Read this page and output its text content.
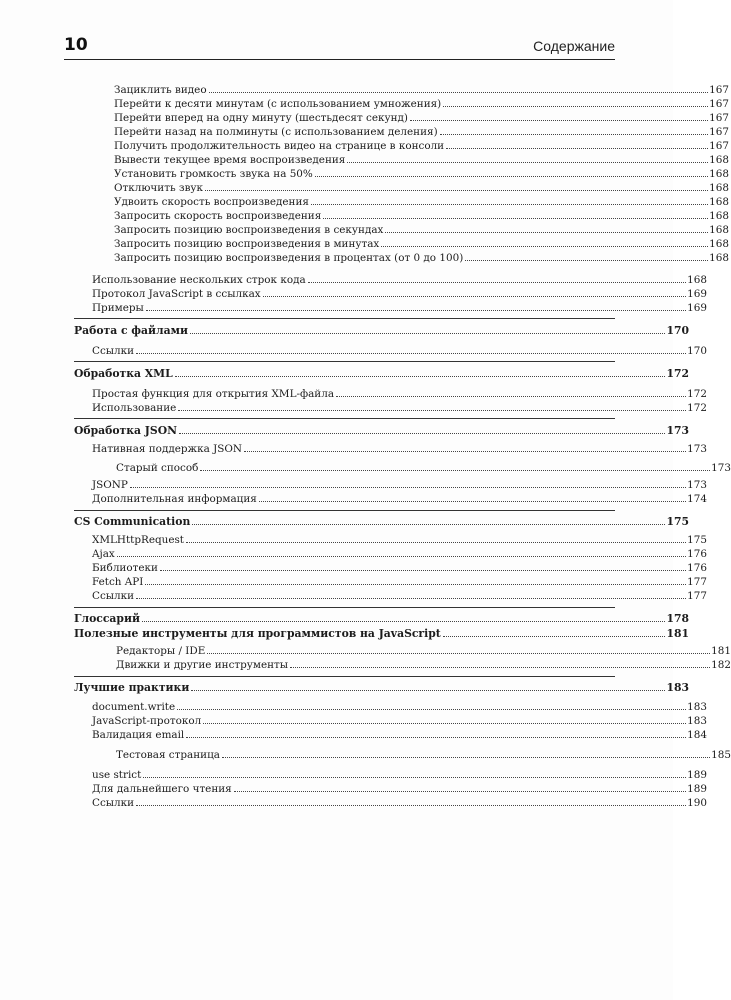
10	Содержание
Зациклить видео	167
Перейти к десяти минутам (с использованием умножения)	167
Перейти вперед на одну минуту (шестьдесят секунд)	167
Перейти назад на полминуты (с использованием деления)	167
Получить продолжительность видео на странице в консоли	167
Вывести текущее время воспроизведения	168
Установить громкость звука на 50%	168
Отключить звук	168
Удвоить скорость воспроизведения	168
Запросить скорость воспроизведения	168
Запросить позицию воспроизведения в секундах	168
Запросить позицию воспроизведения в минутах	168
Запросить позицию воспроизведения в процентах (от 0 до 100)	168
Использование нескольких строк кода	168
Протокол JavaScript в ссылках	169
Примеры	169
Работа с файлами	170
Ссылки	170
Обработка XML	172
Простая функция для открытия XML-файла	172
Использование	172
Обработка JSON	173
Нативная поддержка JSON	173
Старый способ	173
JSONP	173
Дополнительная информация	174
CS Communication	175
XMLHttpRequest	175
Ajax	176
Библиотеки	176
Fetch API	177
Ссылки	177
Глоссарий	178
Полезные инструменты для программистов на JavaScript	181
Редакторы / IDE	181
Движки и другие инструменты	182
Лучшие практики	183
document.write	183
JavaScript-протокол	183
Валидация email	184
Тестовая страница	185
use strict	189
Для дальнейшего чтения	189
Ссылки	190
